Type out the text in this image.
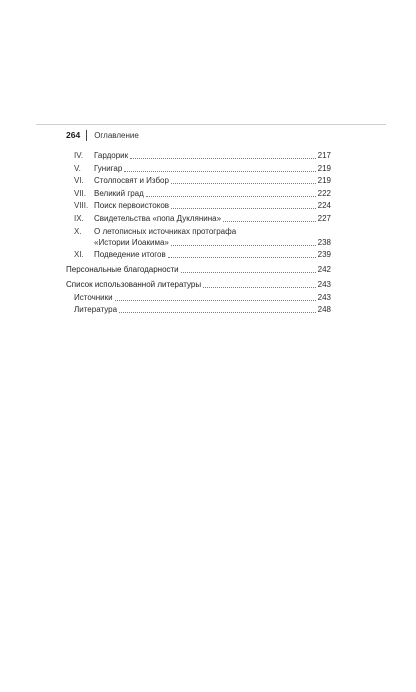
264 Оглавление
IV.	Гардорик	217
V.	Гунигар	219
VI.	Столпосвят и Избор	219
VII. Великий град	222
VIII. Поиск первоистоков	224
IX.	Свидетельства «попа Дуклянина»	227
X.	О летописных источниках протографа
«Истории Иоакима»	238
XI.	Подведение итогов	239
Персональные благодарности	242
Список использованной литературы	243
Источники	243
Литература	248
